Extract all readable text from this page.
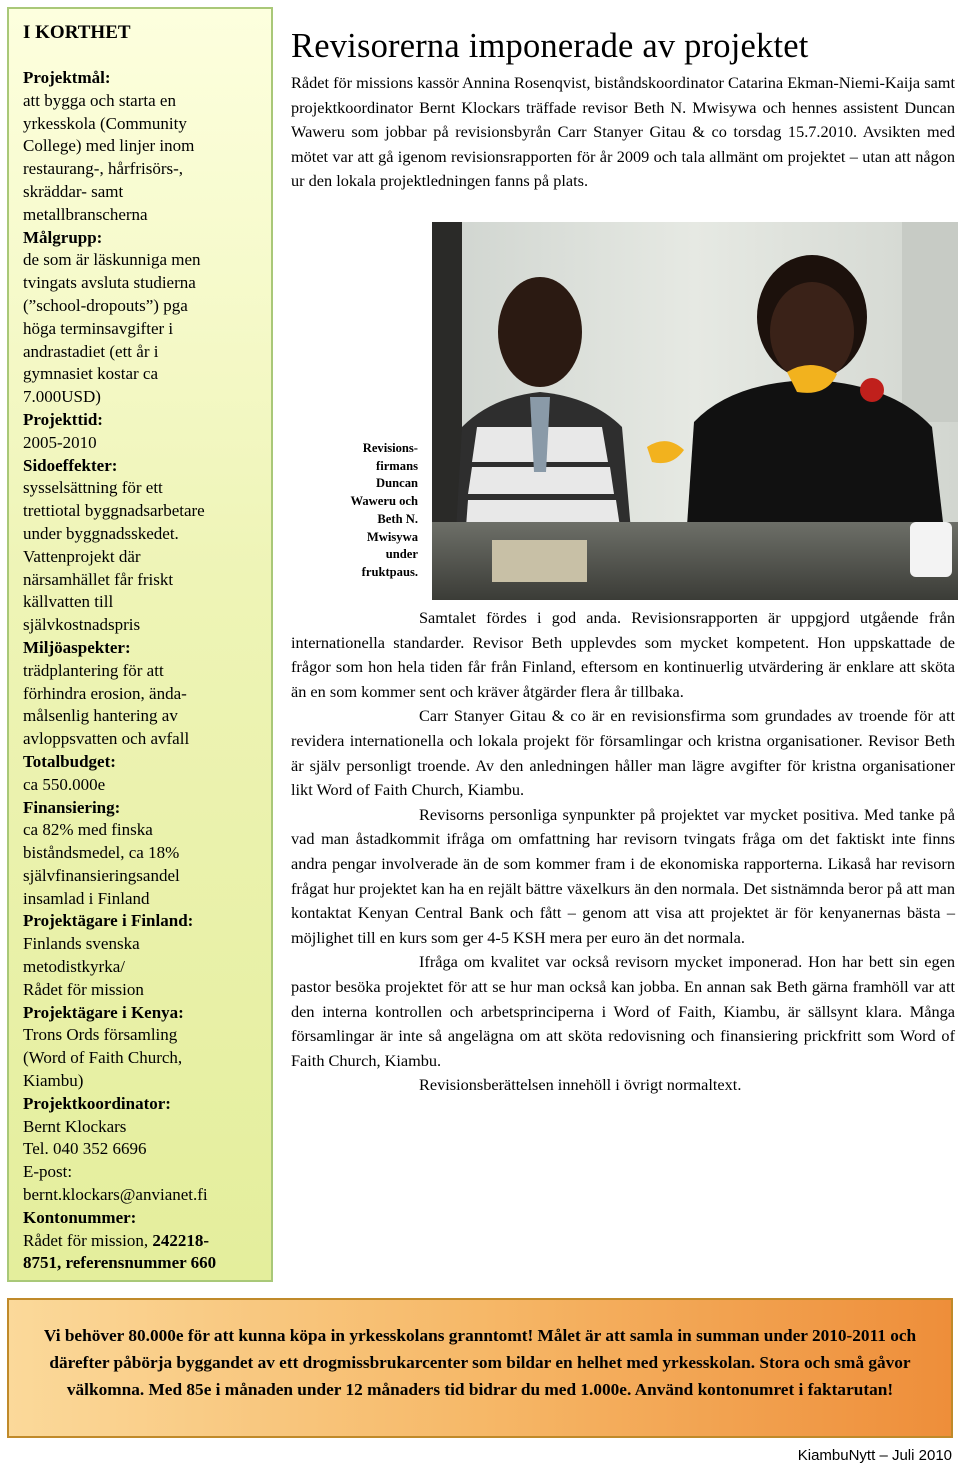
I KORTHET
Projektmål:
att bygga och starta en
yrkesskola (Community
College) med linjer inom
restaurang-, hårfrisörs-,
skräddar- samt
metallbranscherna
Målgrupp:
de som är läskunniga men
tvingats avsluta studierna
(”school-dropouts”) pga
höga terminsavgifter i
andrastadiet (ett år i
gymnasiet kostar ca
7.000USD)
Projekttid:
2005-2010
Sidoeffekter:
sysselsättning för ett
trettiotal byggnadsarbetare
under byggnadsskedet.
Vattenprojekt där
närsamhället får friskt
källvatten till
självkostnadspris
Miljöaspekter:
trädplantering för att
förhindra erosion, ända-
målsenlig hantering av
avloppsvatten och avfall
Totalbudget:
ca 550.000e
Finansiering:
ca 82% med finska
biståndsmedel, ca 18%
självfinansieringsandel
insamlad i Finland
Projektägare i Finland:
Finlands svenska
metodistkyrka/
Rådet för mission
Projektägare i Kenya:
Trons Ords församling
(Word of Faith Church,
Kiambu)
Projektkoordinator:
Bernt Klockars
Tel. 040 352 6696
E-post:
bernt.klockars@anvianet.fi
Kontonummer:
Rådet för mission, 242218-
8751, referensnummer 660
Revisorerna imponerade av projektet

Rådet för missions kassör Annina Rosenqvist, biståndskoordinator Catarina Ekman-Niemi-Kaija samt projektkoordinator Bernt Klockars träffade revisor Beth N. Mwisywa och hennes assistent Duncan Waweru som jobbar på revisionsbyrån Carr Stanyer Gitau & co torsdag 15.7.2010. Avsikten med mötet var att gå igenom revisionsrapporten för år 2009 och tala allmänt om projektet – utan att någon ur den lokala projektledningen fanns på plats.

Revisions-firmans Duncan Waweru och Beth N. Mwisywa under fruktpaus.

Samtalet fördes i god anda. Revisionsrapporten är uppgjord utgående från internationella standarder. Revisor Beth upplevdes som mycket kompetent. Hon uppskattade de frågor som hon hela tiden får från Finland, eftersom en kontinuerlig utvärdering är enklare att sköta än en som kommer sent och kräver åtgärder flera år tillbaka.

Carr Stanyer Gitau & co är en revisionsfirma som grundades av troende för att revidera internationella och lokala projekt för församlingar och kristna organisationer. Revisor Beth är själv personligt troende. Av den anledningen håller man lägre avgifter för kristna organisationer likt Word of Faith Church, Kiambu.

Revisorns personliga synpunkter på projektet var mycket positiva. Med tanke på vad man åstadkommit ifråga om omfattning har revisorn tvingats fråga om det faktiskt inte finns andra pengar involverade än de som kommer fram i de ekonomiska rapporterna. Likaså har revisorn frågat hur projektet kan ha en rejält bättre växelkurs än den normala. Det sistnämnda beror på att man kontaktat Kenyan Central Bank och fått – genom att visa att projektet är för kenyanernas bästa – möjlighet till en kurs som ger 4-5 KSH mera per euro än det normala.

Ifråga om kvalitet var också revisorn mycket imponerad. Hon har bett sin egen pastor besöka projektet för att se hur man också kan jobba. En annan sak Beth gärna framhöll var att den interna kontrollen och arbetsprinciperna i Word of Faith, Kiambu, är sällsynt klara. Många församlingar är inte så angelägna om att sköta redovisning och finansiering prickfritt som Word of Faith Church, Kiambu.

Revisionsberättelsen innehöll i övrigt normaltext.

Vi behöver 80.000e för att kunna köpa in yrkesskolans granntomt! Målet är att samla in summan under 2010-2011 och därefter påbörja byggandet av ett drogmissbrukarcenter som bildar en helhet med yrkesskolan. Stora och små gåvor välkomna. Med 85e i månaden under 12 månaders tid bidrar du med 1.000e. Använd kontonumret i faktarutan!
KiambuNytt – Juli 2010
